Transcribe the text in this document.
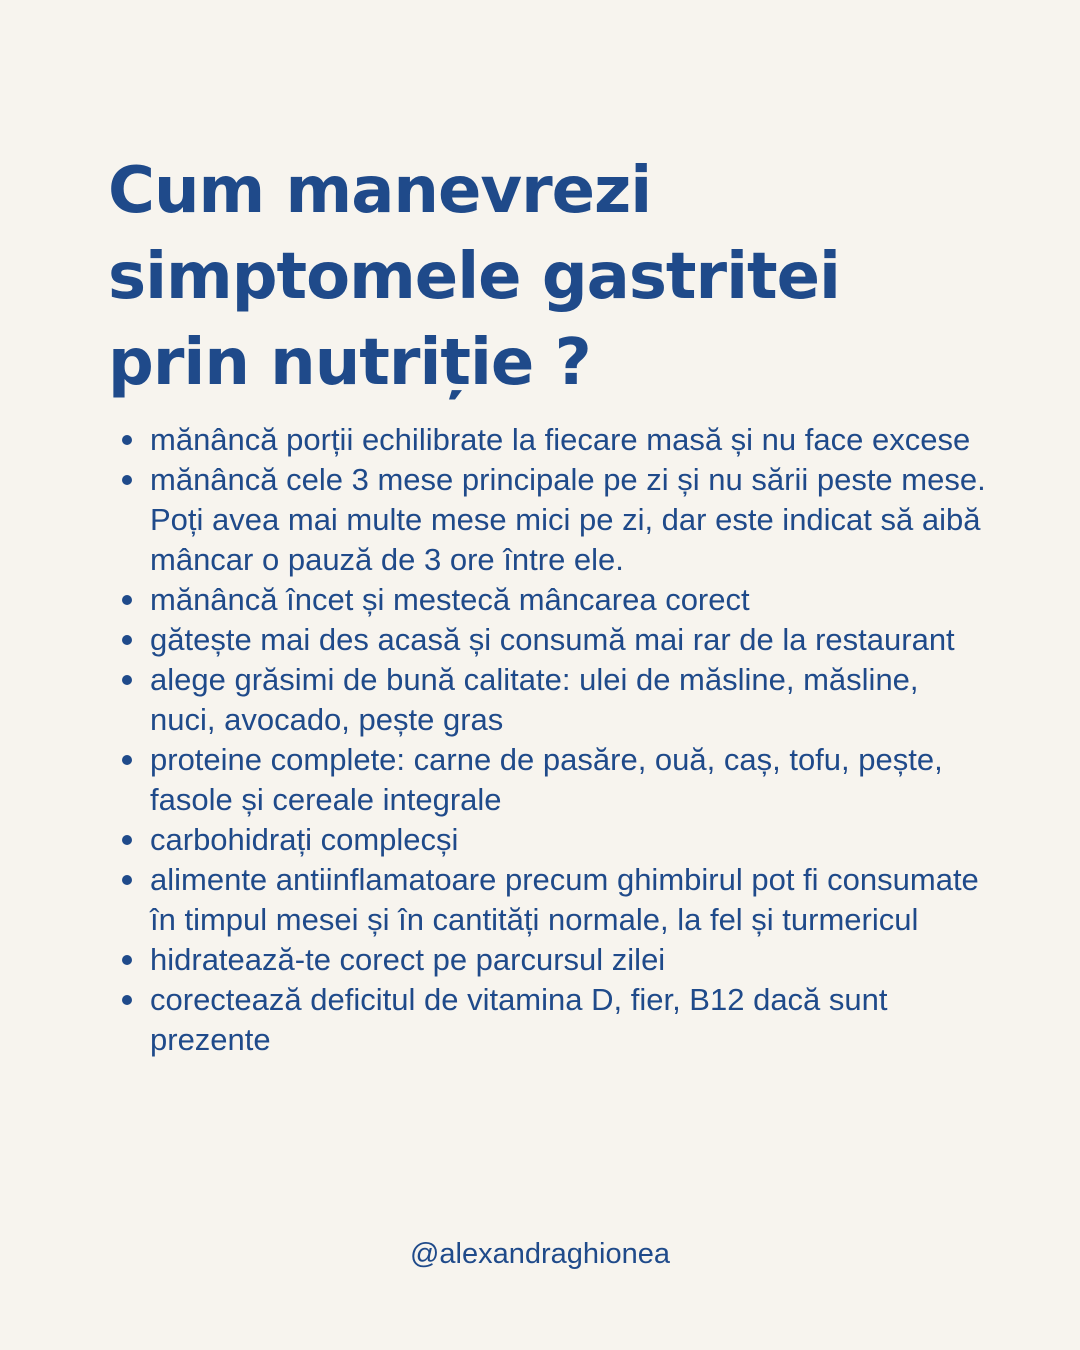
Cum manevrezi simptomele gastritei prin nutriție ?
mănâncă porții echilibrate la fiecare masă și nu face excese
mănâncă cele 3 mese principale pe zi și nu sării peste mese. Poți avea mai multe mese mici pe zi, dar este indicat să aibă mâncar o pauză de 3 ore între ele.
mănâncă încet și mestecă mâncarea corect
gătește mai des acasă și consumă mai rar de la restaurant
alege grăsimi de bună calitate: ulei de măsline, măsline, nuci, avocado, pește gras
proteine complete: carne de pasăre, ouă, caș, tofu, pește, fasole și cereale integrale
carbohidrați complecși
alimente antiinflamatoare precum ghimbirul pot fi consumate în timpul mesei și în cantități normale, la fel și turmericul
hidratează-te corect pe parcursul zilei
corectează deficitul de vitamina D, fier, B12 dacă sunt prezente
@alexandraghionea
